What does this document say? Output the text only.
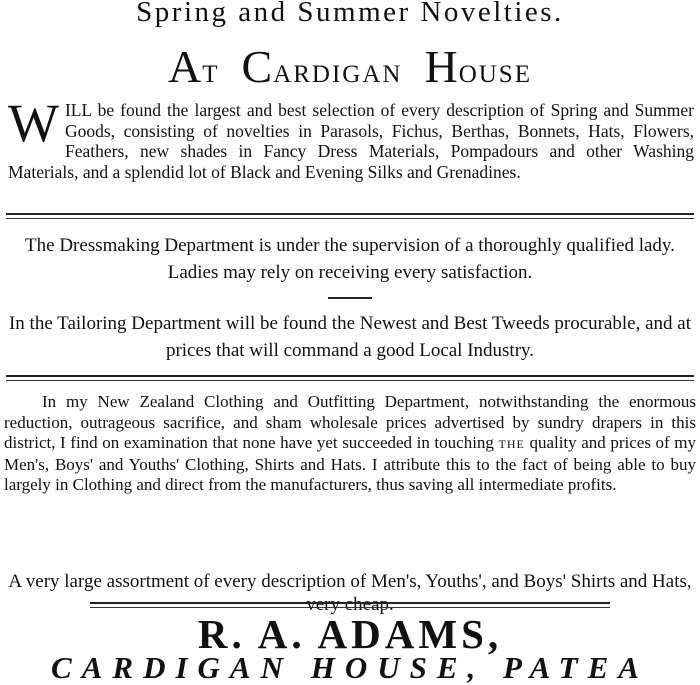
Spring and Summer Novelties.
AT CARDIGAN HOUSE
W ILL be found the largest and best selection of every description of Spring and Summer Goods, consisting of novelties in Parasols, Fichus, Berthas, Bonnets, Hats, Flowers, Feathers, new shades in Fancy Dress Materials, Pompadours and other Washing Materials, and a splendid lot of Black and Evening Silks and Grenadines.

The Dressmaking Department is under the supervision of a thoroughly qualified lady. Ladies may rely on receiving every satisfaction.

In the Tailoring Department will be found the Newest and Best Tweeds procurable, and at prices that will command a good Local Industry.

In my New Zealand Clothing and Outfitting Department, notwithstanding the enormous reduction, outrageous sacrifice, and sham wholesale prices advertised by sundry drapers in this district, I find on examination that none have yet succeeded in touching THE quality and prices of my Men's, Boys' and Youths' Clothing, Shirts and Hats. I attribute this to the fact of being able to buy largely in Clothing and direct from the manufacturers, thus saving all intermediate profits.

A very large assortment of every description of Men's, Youths', and Boys' Shirts and Hats, very cheap.

R. A. ADAMS,

CARDIGAN HOUSE, PATEA
